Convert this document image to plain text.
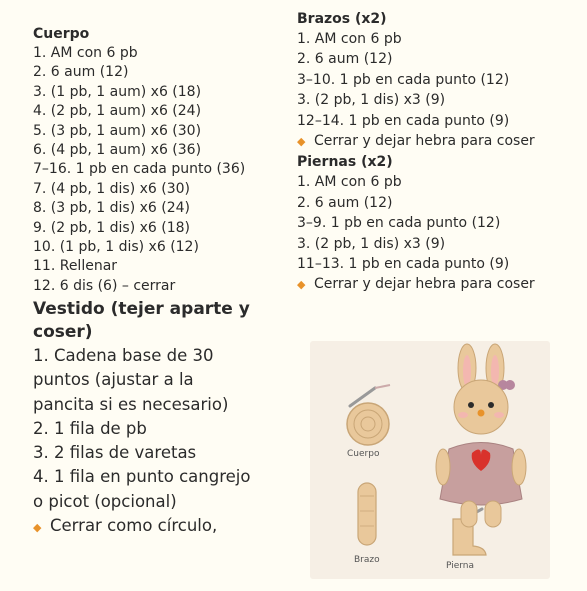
Cuerpo
1. AM con 6 pb
2. 6 aum (12)
3. (1 pb, 1 aum) x6 (18)
4. (2 pb, 1 aum) x6 (24)
5. (3 pb, 1 aum) x6 (30)
6. (4 pb, 1 aum) x6 (36)
7–16. 1 pb en cada punto (36)
7. (4 pb, 1 dis) x6 (30)
8. (3 pb, 1 dis) x6 (24)
9. (2 pb, 1 dis) x6 (18)
10. (1 pb, 1 dis) x6 (12)
11. Rellenar
12. 6 dis (6) – cerrar
Vestido (tejer aparte y
coser)
1. Cadena base de 30
puntos (ajustar a la
pancita si es necesario)
2. 1 fila de pb
3. 2 filas de varetas
4. 1 fila en punto cangrejo
o picot (opcional)
◆ Cerrar como círculo,
Brazos (x2)
1. AM con 6 pb
2. 6 aum (12)
3–10. 1 pb en cada punto (12)
3. (2 pb, 1 dis) x3 (9)
12–14. 1 pb en cada punto (9)
◆ Cerrar y dejar hebra para coser
Piernas (x2)
1. AM con 6 pb
2. 6 aum (12)
3–9. 1 pb en cada punto (12)
3. (2 pb, 1 dis) x3 (9)
11–13. 1 pb en cada punto (9)
◆ Cerrar y dejar hebra para coser
Cuerpo
Brazo
Pierna
